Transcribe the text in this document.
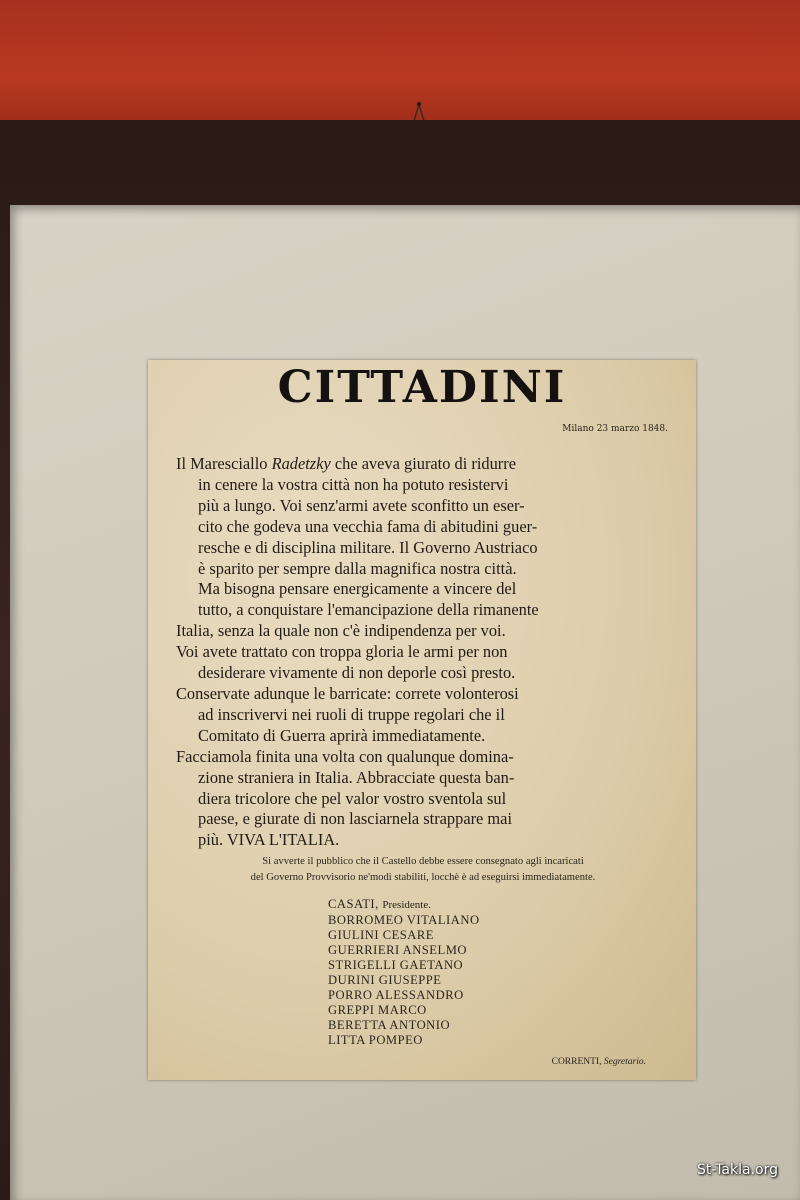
CITTADINI
Milano 23 marzo 1848.
Il Maresciallo Radetzky che aveva giurato di ridurre
in cenere la vostra città non ha potuto resistervi
più a lungo. Voi senz'armi avete sconfitto un eser-
cito che godeva una vecchia fama di abitudini guer-
resche e di disciplina militare. Il Governo Austriaco
è sparito per sempre dalla magnifica nostra città.
Ma bisogna pensare energicamente a vincere del
tutto, a conquistare l'emancipazione della rimanente
Italia, senza la quale non c'è indipendenza per voi.
Voi avete trattato con troppa gloria le armi per non
desiderare vivamente di non deporle così presto.
Conservate adunque le barricate: correte volonterosi
ad inscrivervi nei ruoli di truppe regolari che il
Comitato di Guerra aprirà immediatamente.
Facciamola finita una volta con qualunque domina-
zione straniera in Italia. Abbracciate questa ban-
diera tricolore che pel valor vostro sventola sul
paese, e giurate di non lasciarnela strappare mai
più. VIVA L'ITALIA.
Si avverte il pubblico che il Castello debbe essere consegnato agli incaricati
del Governo Provvisorio ne'modi stabiliti, locchè è ad eseguirsi immediatamente.
CASATI, Presidente.
BORROMEO VITALIANO
GIULINI CESARE
GUERRIERI ANSELMO
STRIGELLI GAETANO
DURINI GIUSEPPE
PORRO ALESSANDRO
GREPPI MARCO
BERETTA ANTONIO
LITTA POMPEO
CORRENTI, Segretario.
St-Takla.org
